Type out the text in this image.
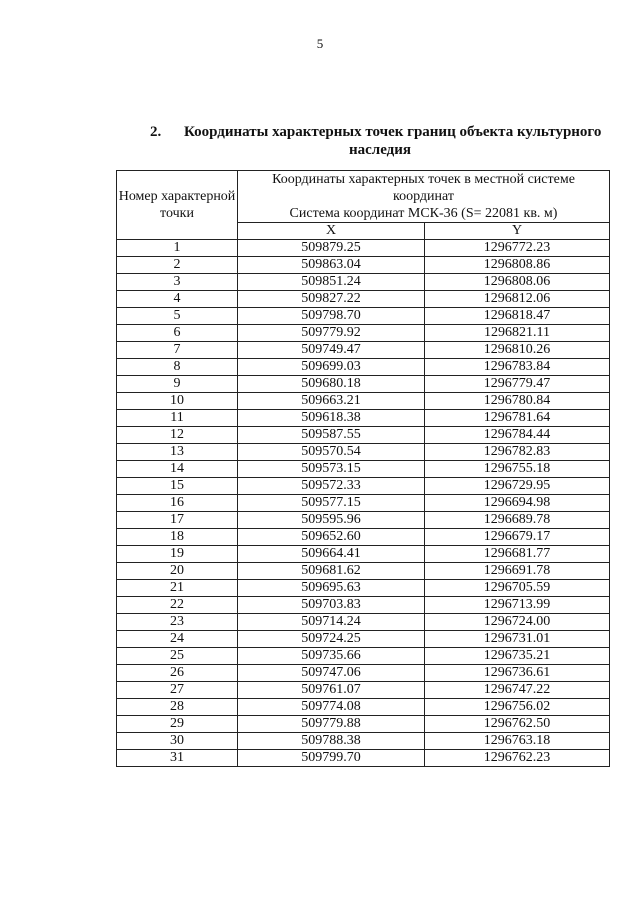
5
2. Координаты характерных точек границ объекта культурного
наследия
Номер характерной точки	Координаты характерных точек в местной системе
координат
Система координат МСК-36 (S= 22081 кв. м)	

	X	Y
1	509879.25	1296772.23
2	509863.04	1296808.86
3	509851.24	1296808.06
4	509827.22	1296812.06
5	509798.70	1296818.47
6	509779.92	1296821.11
7	509749.47	1296810.26
8	509699.03	1296783.84
9	509680.18	1296779.47
10	509663.21	1296780.84
11	509618.38	1296781.64
12	509587.55	1296784.44
13	509570.54	1296782.83
14	509573.15	1296755.18
15	509572.33	1296729.95
16	509577.15	1296694.98
17	509595.96	1296689.78
18	509652.60	1296679.17
19	509664.41	1296681.77
20	509681.62	1296691.78
21	509695.63	1296705.59
22	509703.83	1296713.99
23	509714.24	1296724.00
24	509724.25	1296731.01
25	509735.66	1296735.21
26	509747.06	1296736.61
27	509761.07	1296747.22
28	509774.08	1296756.02
29	509779.88	1296762.50
30	509788.38	1296763.18
31	509799.70	1296762.23
